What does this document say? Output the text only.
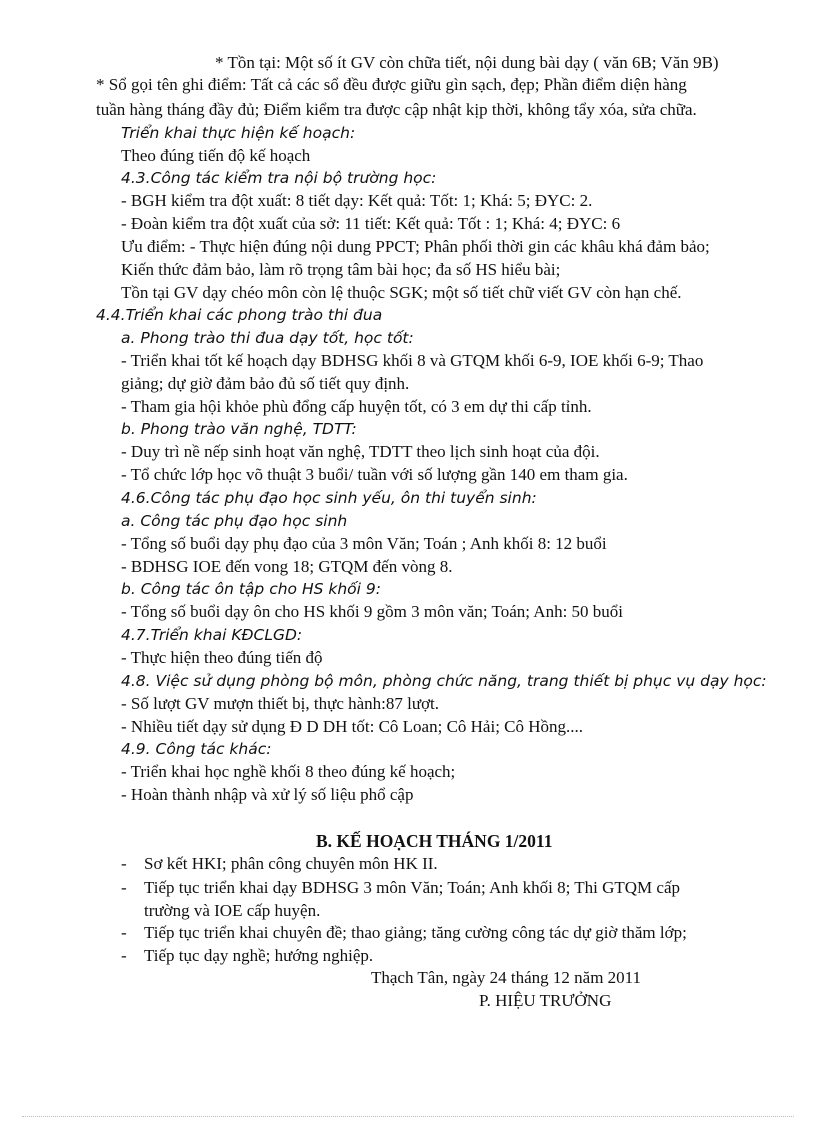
* Tồn tại: Một số ít GV còn chữa tiết, nội dung bài dạy ( văn 6B; Văn 9B)
* Sổ gọi tên ghi điểm: Tất cả các sổ đều được giữu gìn sạch, đẹp; Phần điểm diện hàng
tuần hàng tháng đầy đủ; Điểm kiểm tra được cập nhật kịp thời, không tẩy xóa, sửa chữa.
Triển khai thực hiện kế hoạch:
Theo đúng tiến độ kế hoạch
4.3.Công tác kiểm tra nội bộ trường học:
- BGH kiểm tra đột xuất: 8 tiết dạy: Kết quả: Tốt: 1; Khá: 5; ĐYC: 2.
- Đoàn kiểm tra đột xuất của sở: 11 tiết: Kết quả: Tốt : 1; Khá: 4; ĐYC: 6
Ưu điểm: - Thực hiện đúng nội dung PPCT; Phân phối thời gin các khâu khá đảm bảo;
Kiến thức đảm bảo, làm rõ trọng tâm bài học; đa số HS hiểu bài;
Tồn tại GV dạy chéo môn còn lệ thuộc SGK; một số tiết chữ viết GV còn hạn chế.
4.4.Triển khai các phong trào thi đua
a. Phong trào thi đua dạy tốt, học tốt:
- Triển khai tốt kế hoạch dạy BDHSG khối 8 và GTQM khối 6-9, IOE khối 6-9; Thao
giảng; dự giờ đảm bảo đủ số tiết quy định.
- Tham gia hội khỏe phù đổng cấp huyện tốt, có 3 em dự thi cấp tỉnh.
b. Phong trào văn nghệ, TDTT:
- Duy trì nề nếp sinh hoạt văn nghệ, TDTT theo lịch sinh hoạt của đội.
- Tổ chức lớp học võ thuật 3 buổi/ tuần với số lượng gần 140 em tham gia.
4.6.Công tác phụ đạo học sinh yếu, ôn thi tuyển sinh:
a. Công tác phụ đạo học sinh
- Tổng số buổi dạy phụ đạo của 3 môn Văn; Toán ; Anh khối 8: 12 buổi
- BDHSG IOE đến vong 18; GTQM đến vòng 8.
b. Công tác ôn tập cho HS khối 9:
- Tổng số buổi dạy ôn cho HS khối 9 gồm 3 môn văn; Toán; Anh: 50 buổi
4.7.Triển khai KĐCLGD:
- Thực hiện theo đúng tiến độ
4.8. Việc sử dụng phòng bộ môn, phòng chức năng, trang thiết bị phục vụ dạy học:
- Số lượt GV mượn thiết bị, thực hành:87 lượt.
- Nhiều tiết dạy sử dụng Đ D DH tốt: Cô Loan; Cô Hải; Cô Hồng....
4.9. Công tác khác:
- Triển khai học nghề khối 8 theo đúng kế hoạch;
- Hoàn thành nhập và xử lý số liệu phổ cập
B. KẾ HOẠCH THÁNG 1/2011
- Sơ kết HKI; phân công chuyên môn HK II.
- Tiếp tục triển khai dạy BDHSG 3 môn Văn; Toán; Anh khối 8; Thi GTQM cấp
trường và IOE cấp huyện.
- Tiếp tục triển khai chuyên đề; thao giảng; tăng cường công tác dự giờ thăm lớp;
- Tiếp tục dạy nghề; hướng nghiệp.
Thạch Tân, ngày 24 tháng 12 năm 2011
P. HIỆU TRƯỞNG
